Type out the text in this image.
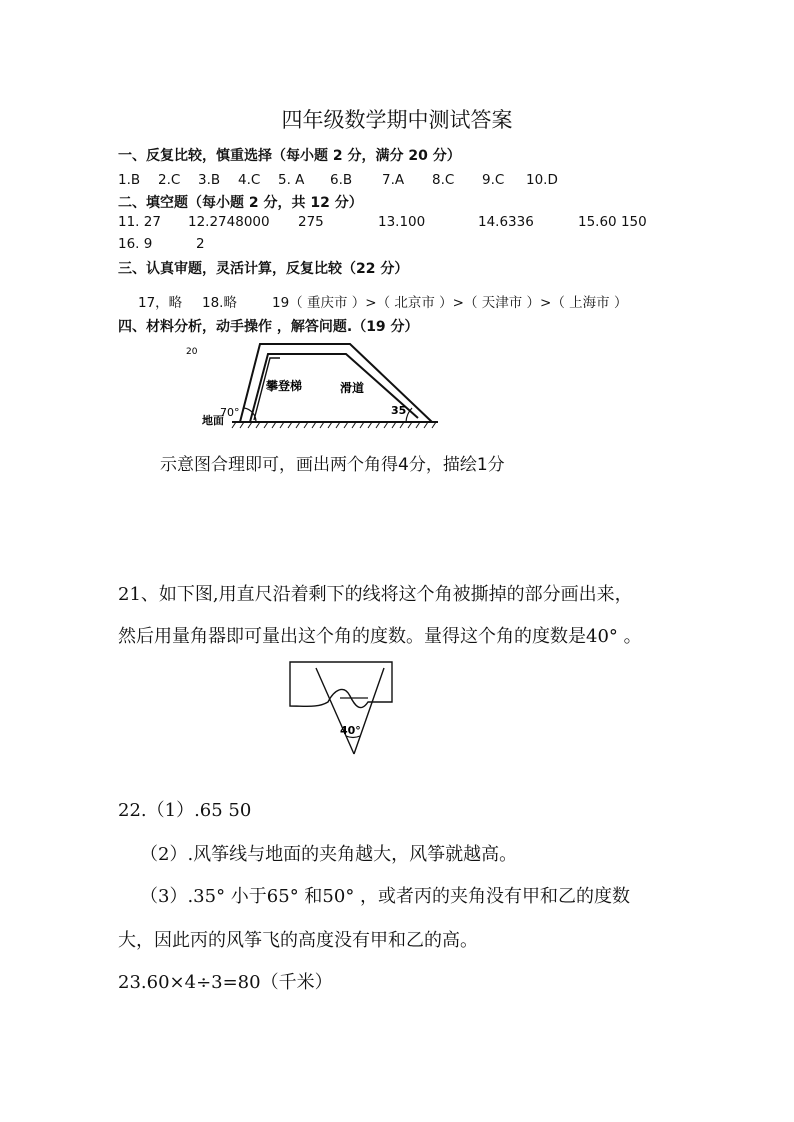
四年级数学期中测试答案
一、反复比较，慎重选择（每小题 2 分，满分 20 分）
1.B	2.C	3.B	4.C	5. A	6.B	7.A	8.C	9.C	10.D
二、填空题（每小题 2 分，共 12 分）
11. 27	12.2748000	275	13.100	14.6336	15.60 150
16. 9	2
三、认真审题，灵活计算，反复比较（22 分）
17，略	18.略	19（ 重庆市 ）>（ 北京市 ）>（ 天津市 ）>（ 上海市 ）
四、材料分析，动手操作 ，解答问题.（19 分）
20
攀登梯	滑道
地面
70°	35
示意图合理即可，画出两个角得4分，描绘1分
21、如下图,用直尺沿着剩下的线将这个角被撕掉的部分画出来，
然后用量角器即可量出这个角的度数。量得这个角的度数是40° 。
40°
22.（1）.65 50
（2）.风筝线与地面的夹角越大，风筝就越高。
（3）.35° 小于65° 和50° ，或者丙的夹角没有甲和乙的度数
大，因此丙的风筝飞的高度没有甲和乙的高。
23.60×4÷3=80（千米）
